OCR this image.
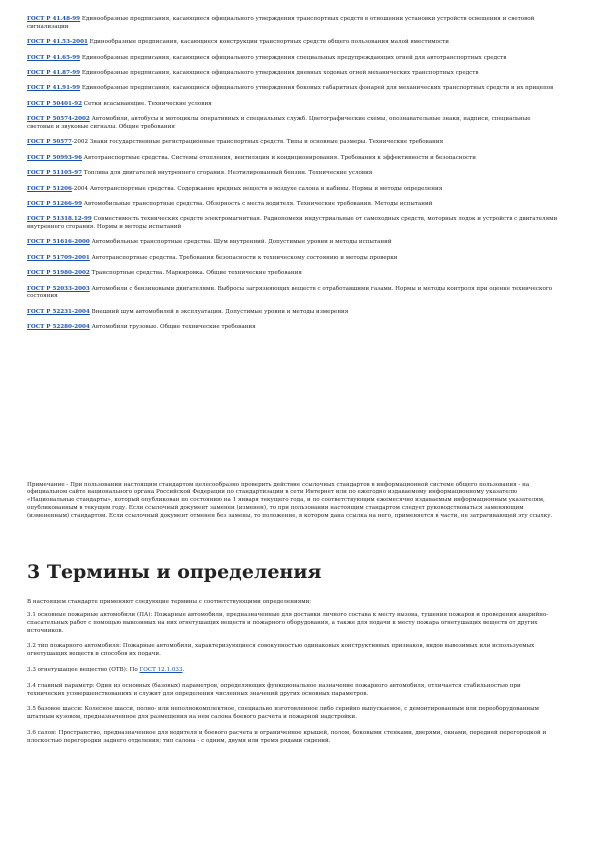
ГОСТ Р 41.48-99 Единообразные предписания, касающиеся официального утверждения транспортных средств в отношении установки устройств освещения и световой сигнализации

ГОСТ Р 41.53-2001 Единообразные предписания, касающиеся конструкции транспортных средств общего пользования малой вместимости

ГОСТ Р 41.65-99 Единообразные предписания, касающиеся официального утверждения специальных предупреждающих огней для автотранспортных средств

ГОСТ Р 41.87-99 Единообразные предписания, касающиеся официального утверждения дневных ходовых огней механических транспортных средств

ГОСТ Р 41.91-99 Единообразные предписания, касающиеся официального утверждения боковых габаритных фонарей для механических транспортных средств и их прицепов

ГОСТ Р 50401-92 Сетки всасывающие. Технические условия

ГОСТ Р 50574-2002 Автомобили, автобусы и мотоциклы оперативных и специальных служб. Цветографические схемы, опознавательные знаки, надписи, специальные световые и звуковые сигналы. Общие требования

ГОСТ Р 50577-2002 Знаки государственные регистрационные транспортных средств. Типы и основные размеры. Технические требования

ГОСТ Р 50993-96 Автотранспортные средства. Системы отопления, вентиляции и кондиционирования. Требования к эффективности и безопасности

ГОСТ Р 51105-97 Топлива для двигателей внутреннего сгорания. Неэтилированный бензин. Технические условия

ГОСТ Р 51206-2004 Автотранспортные средства. Содержание вредных веществ в воздухе салона и кабины. Нормы и методы определения

ГОСТ Р 51266-99 Автомобильные транспортные средства. Обзорность с места водителя. Технические требования. Методы испытаний

ГОСТ Р 51318.12-99 Совместимость технических средств электромагнитная. Радиопомехи индустриальные от самоходных средств, моторных лодок и устройств с двигателями внутреннего сгорания. Нормы и методы испытаний

ГОСТ Р 51616-2000 Автомобильные транспортные средства. Шум внутренний. Допустимые уровни и методы испытаний

ГОСТ Р 51709-2001 Автотранспортные средства. Требования безопасности к техническому состоянию и методы проверки

ГОСТ Р 51980-2002 Транспортные средства. Маркировка. Общие технические требования

ГОСТ Р 52033-2003 Автомобили с бензиновыми двигателями. Выбросы загрязняющих веществ с отработавшими газами. Нормы и методы контроля при оценке технического состояния

ГОСТ Р 52231-2004 Внешний шум автомобилей в эксплуатации. Допустимые уровни и методы измерения

ГОСТ Р 52280-2004 Автомобили грузовые. Общие технические требования

Примечание - При пользовании настоящим стандартом целесообразно проверить действие ссылочных стандартов в информационной системе общего пользования - на официальном сайте национального органа Российской Федерации по стандартизации в сети Интернет или по ежегодно издаваемому информационному указателю «Национальные стандарты», который опубликован по состоянию на 1 января текущего года, и по соответствующим ежемесячно издаваемым информационным указателям, опубликованным в текущем году. Если ссылочный документ заменен (изменен), то при пользовании настоящим стандартом следует руководствоваться заменяющим (измененным) стандартом. Если ссылочный документ отменен без замены, то положение, в котором дана ссылка на него, применяется в части, не затрагивающей эту ссылку.

3 Термины и определения

В настоящем стандарте применяют следующие термины с соответствующими определениями:

3.1 основные пожарные автомобили (ПА): Пожарные автомобили, предназначенные для доставки личного состава к месту вызова, тушения пожаров и проведения аварийно-спасательных работ с помощью вывозимых на них огнетушащих веществ и пожарного оборудования, а также для подачи к месту пожара огнетушащих веществ от других источников.

3.2 тип пожарного автомобиля: Пожарные автомобили, характеризующиеся совокупностью одинаковых конструктивных признаков, видов вывозимых или используемых огнетушащих веществ и способов их подачи.

3.3 огнетушащее вещество (ОТВ): По ГОСТ 12.1.033.

3.4 главный параметр: Один из основных (базовых) параметров, определяющих функциональное назначение пожарного автомобиля, отличается стабильностью при технических усовершенствованиях и служит для определения численных значений других основных параметров.

3.5 базовое шасси: Колесное шасси, полно- или неполнокомплектное, специально изготовленное либо серийно выпускаемое, с демонтированным или переоборудованным штатным кузовом, предназначенное для размещения на нем салона боевого расчета и пожарной надстройки.

3.6 салон: Пространство, предназначенное для водителя и боевого расчета и ограниченное крышей, полом, боковыми стенками, дверями, окнами, передней перегородкой и плоскостью перегородки заднего отделения; тип салона - с одним, двумя или тремя рядами сидений.
